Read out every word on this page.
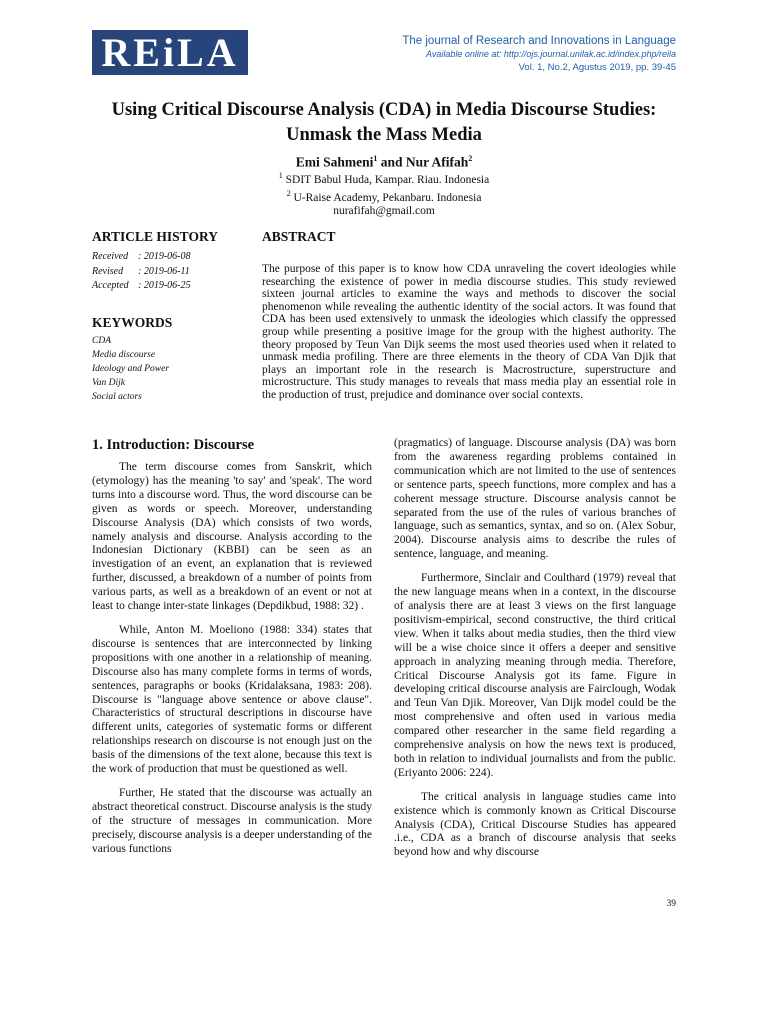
REiLA	The journal of Research and Innovations in Language
Available online at: http://ojs.journal.unilak.ac.id/index.php/reila
Vol. 1, No.2, Agustus 2019, pp. 39-45
Using Critical Discourse Analysis (CDA) in Media Discourse Studies:
Unmask the Mass Media
Emi Sahmeni$^1$ and Nur Afifah$^2$
$^1$ SDIT Babul Huda, Kampar. Riau. Indonesia
$^2$ U-Raise Academy, Pekanbaru. Indonesia
nurafifah@gmail.com
ARTICLE HISTORY
Received : 2019-06-08
Revised : 2019-06-11
Accepted : 2019-06-25
KEYWORDS
CDA
Media discourse
Ideology and Power
Van Dijk
Social actors
ABSTRACT
The purpose of this paper is to know how CDA unraveling the covert ideologies while researching the existence of power in media discourse studies. This study reviewed sixteen journal articles to examine the ways and methods to discover the social phenomenon while revealing the authentic identity of the social actors. It was found that CDA has been used extensively to unmask the ideologies which classify the oppressed group while presenting a positive image for the group with the highest authority. The theory proposed by Teun Van Dijk seems the most used theories used when it related to unmask media profiling. There are three elements in the theory of CDA Van Djik that plays an important role in the research is Macrostructure, superstructure and microstructure. This study manages to reveals that mass media play an essential role in the production of trust, prejudice and dominance over social contexts.
1. Introduction: Discourse

The term discourse comes from Sanskrit, which (etymology) has the meaning 'to say' and 'speak'. The word turns into a discourse word. Thus, the word discourse can be given as words or speech. Moreover, understanding Discourse Analysis (DA) which consists of two words, namely analysis and discourse. Analysis according to the Indonesian Dictionary (KBBI) can be seen as an investigation of an event, an explanation that is reviewed further, discussed, a breakdown of a number of points from various parts, as well as a breakdown of an event or not at least to change inter-state linkages (Depdikbud, 1988: 32) .

While, Anton M. Moeliono (1988: 334) states that discourse is sentences that are interconnected by linking propositions with one another in a relationship of meaning. Discourse also has many complete forms in terms of words, sentences, paragraphs or books (Kridalaksana, 1983: 208). Discourse is "language above sentence or above clause". Characteristics of structural descriptions in discourse have different units, categories of systematic forms or different relationships research on discourse is not enough just on the basis of the dimensions of the text alone, because this text is the work of production that must be questioned as well.

Further, He stated that the discourse was actually an abstract theoretical construct. Discourse analysis is the study of the structure of messages in communication. More precisely, discourse analysis is a deeper understanding of the various functions

(pragmatics) of language. Discourse analysis (DA) was born from the awareness regarding problems contained in communication which are not limited to the use of sentences or sentence parts, speech functions, more complex and has a coherent message structure. Discourse analysis cannot be separated from the use of the rules of various branches of language, such as semantics, syntax, and so on. (Alex Sobur, 2004). Discourse analysis aims to describe the rules of sentence, language, and meaning.

Furthermore, Sinclair and Coulthard (1979) reveal that the new language means when in a context, in the discourse of analysis there are at least 3 views on the first language positivism-empirical, second constructive, the third critical view. When it talks about media studies, then the third view will be a wise choice since it offers a deeper and sensitive approach in analyzing meaning through media. Therefore, Critical Discourse Analysis got its fame. Figure in developing critical discourse analysis are Fairclough, Wodak and Teun Van Djik. Moreover, Van Dijk model could be the most comprehensive and often used in various media compared other researcher in the same field regarding a comprehensive analysis on how the news text is produced, both in relation to individual journalists and from the public. (Eriyanto 2006: 224).

The critical analysis in language studies came into existence which is commonly known as Critical Discourse Analysis (CDA), Critical Discourse Studies has appeared .i.e., CDA as a branch of discourse analysis that seeks beyond how and why discourse

39
